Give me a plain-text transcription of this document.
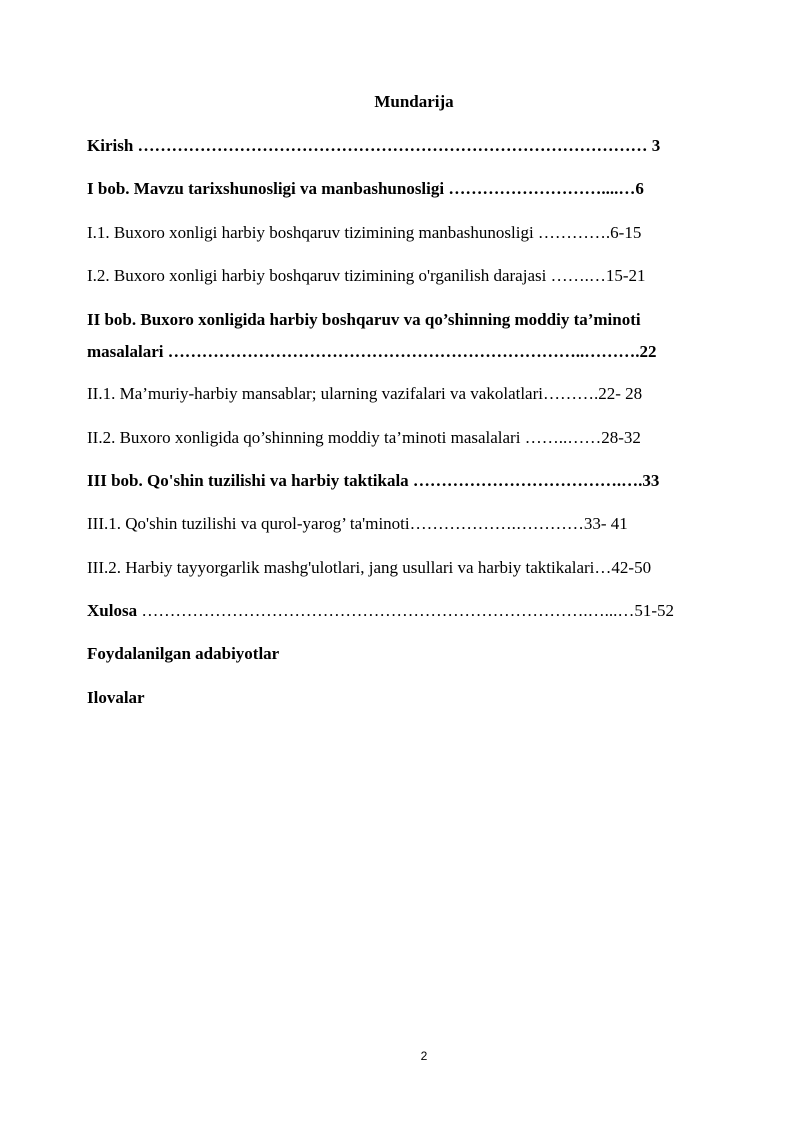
Mundarija
Kirish ……………………………………………………………………………… 3
I bob. Mavzu tarixshunosligi va manbashunosligi ………………………....…6
I.1. Buxoro xonligi harbiy boshqaruv tizimining manbashunosligi ………….6-15
I.2. Buxoro xonligi harbiy boshqaruv tizimining o'rganilish darajasi …….…15-21
II bob. Buxoro xonligida harbiy boshqaruv va qo’shinning moddiy ta’minoti
masalalari ………………………………………………………………..……….22
II.1. Ma’muriy-harbiy mansablar; ularning vazifalari va vakolatlari……….22- 28
II.2. Buxoro xonligida qo’shinning moddiy ta’minoti masalalari ……..……28-32
III bob. Qo'shin tuzilishi va harbiy taktikala ……………………………….….33
III.1. Qo'shin tuzilishi va qurol-yarog’ ta'minoti……………….…………33- 41
III.2. Harbiy tayyorgarlik mashg'ulotlari, jang usullari va harbiy taktikalari…42-50
Xulosa …………………………………………………………………….…...…51-52
Foydalanilgan adabiyotlar
Ilovalar
2
